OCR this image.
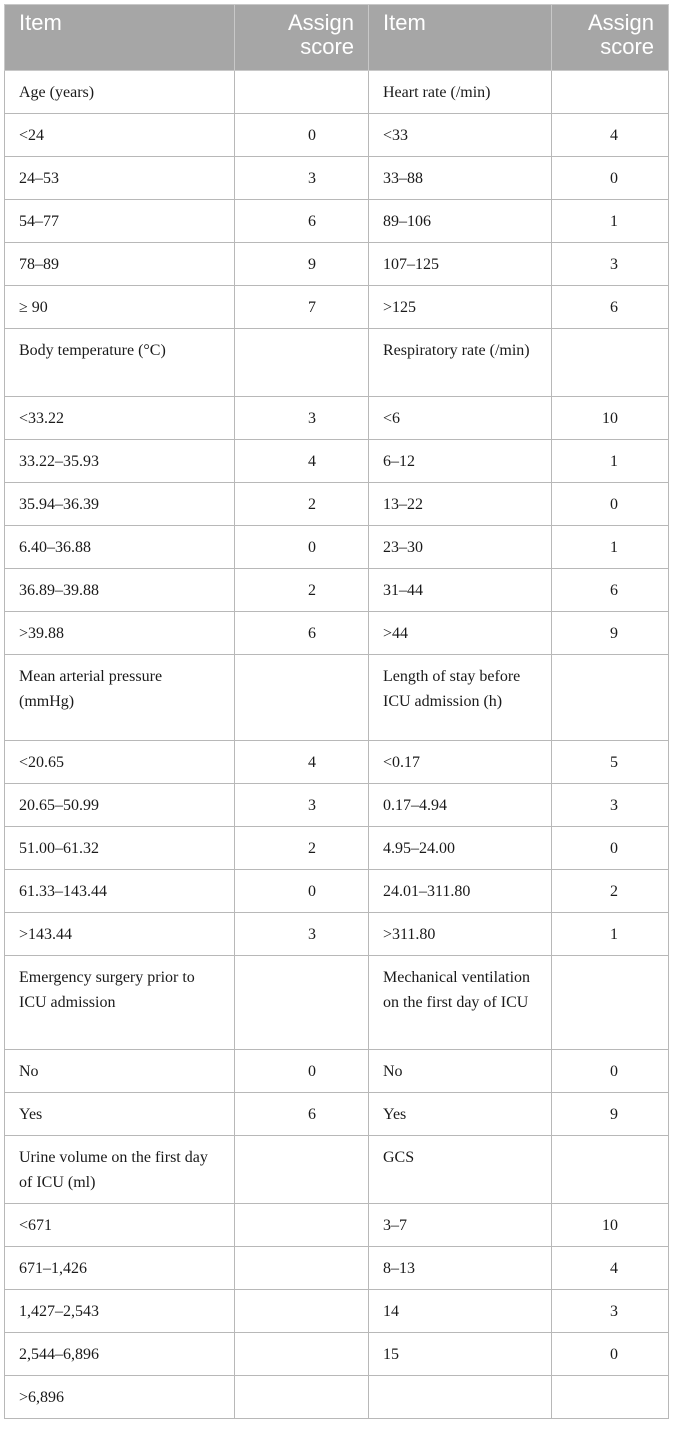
Item	Assign score	Item	Assign score
Age (years)		Heart rate (/min)	
<24	0	<33	4
24–53	3	33–88	0
54–77	6	89–106	1
78–89	9	107–125	3
≥ 90	7	>125	6
Body temperature (°C)		Respiratory rate (/min)	
<33.22	3	<6	10
33.22–35.93	4	6–12	1
35.94–36.39	2	13–22	0
6.40–36.88	0	23–30	1
36.89–39.88	2	31–44	6
>39.88	6	>44	9
Mean arterial pressure (mmHg)		Length of stay before ICU admission (h)	
<20.65	4	<0.17	5
20.65–50.99	3	0.17–4.94	3
51.00–61.32	2	4.95–24.00	0
61.33–143.44	0	24.01–311.80	2
>143.44	3	>311.80	1
Emergency surgery prior to ICU admission		Mechanical ventilation on the first day of ICU	
No	0	No	0
Yes	6	Yes	9
Urine volume on the first day of ICU (ml)		GCS	
<671		3–7	10
671–1,426		8–13	4
1,427–2,543		14	3
2,544–6,896		15	0
>6,896			
